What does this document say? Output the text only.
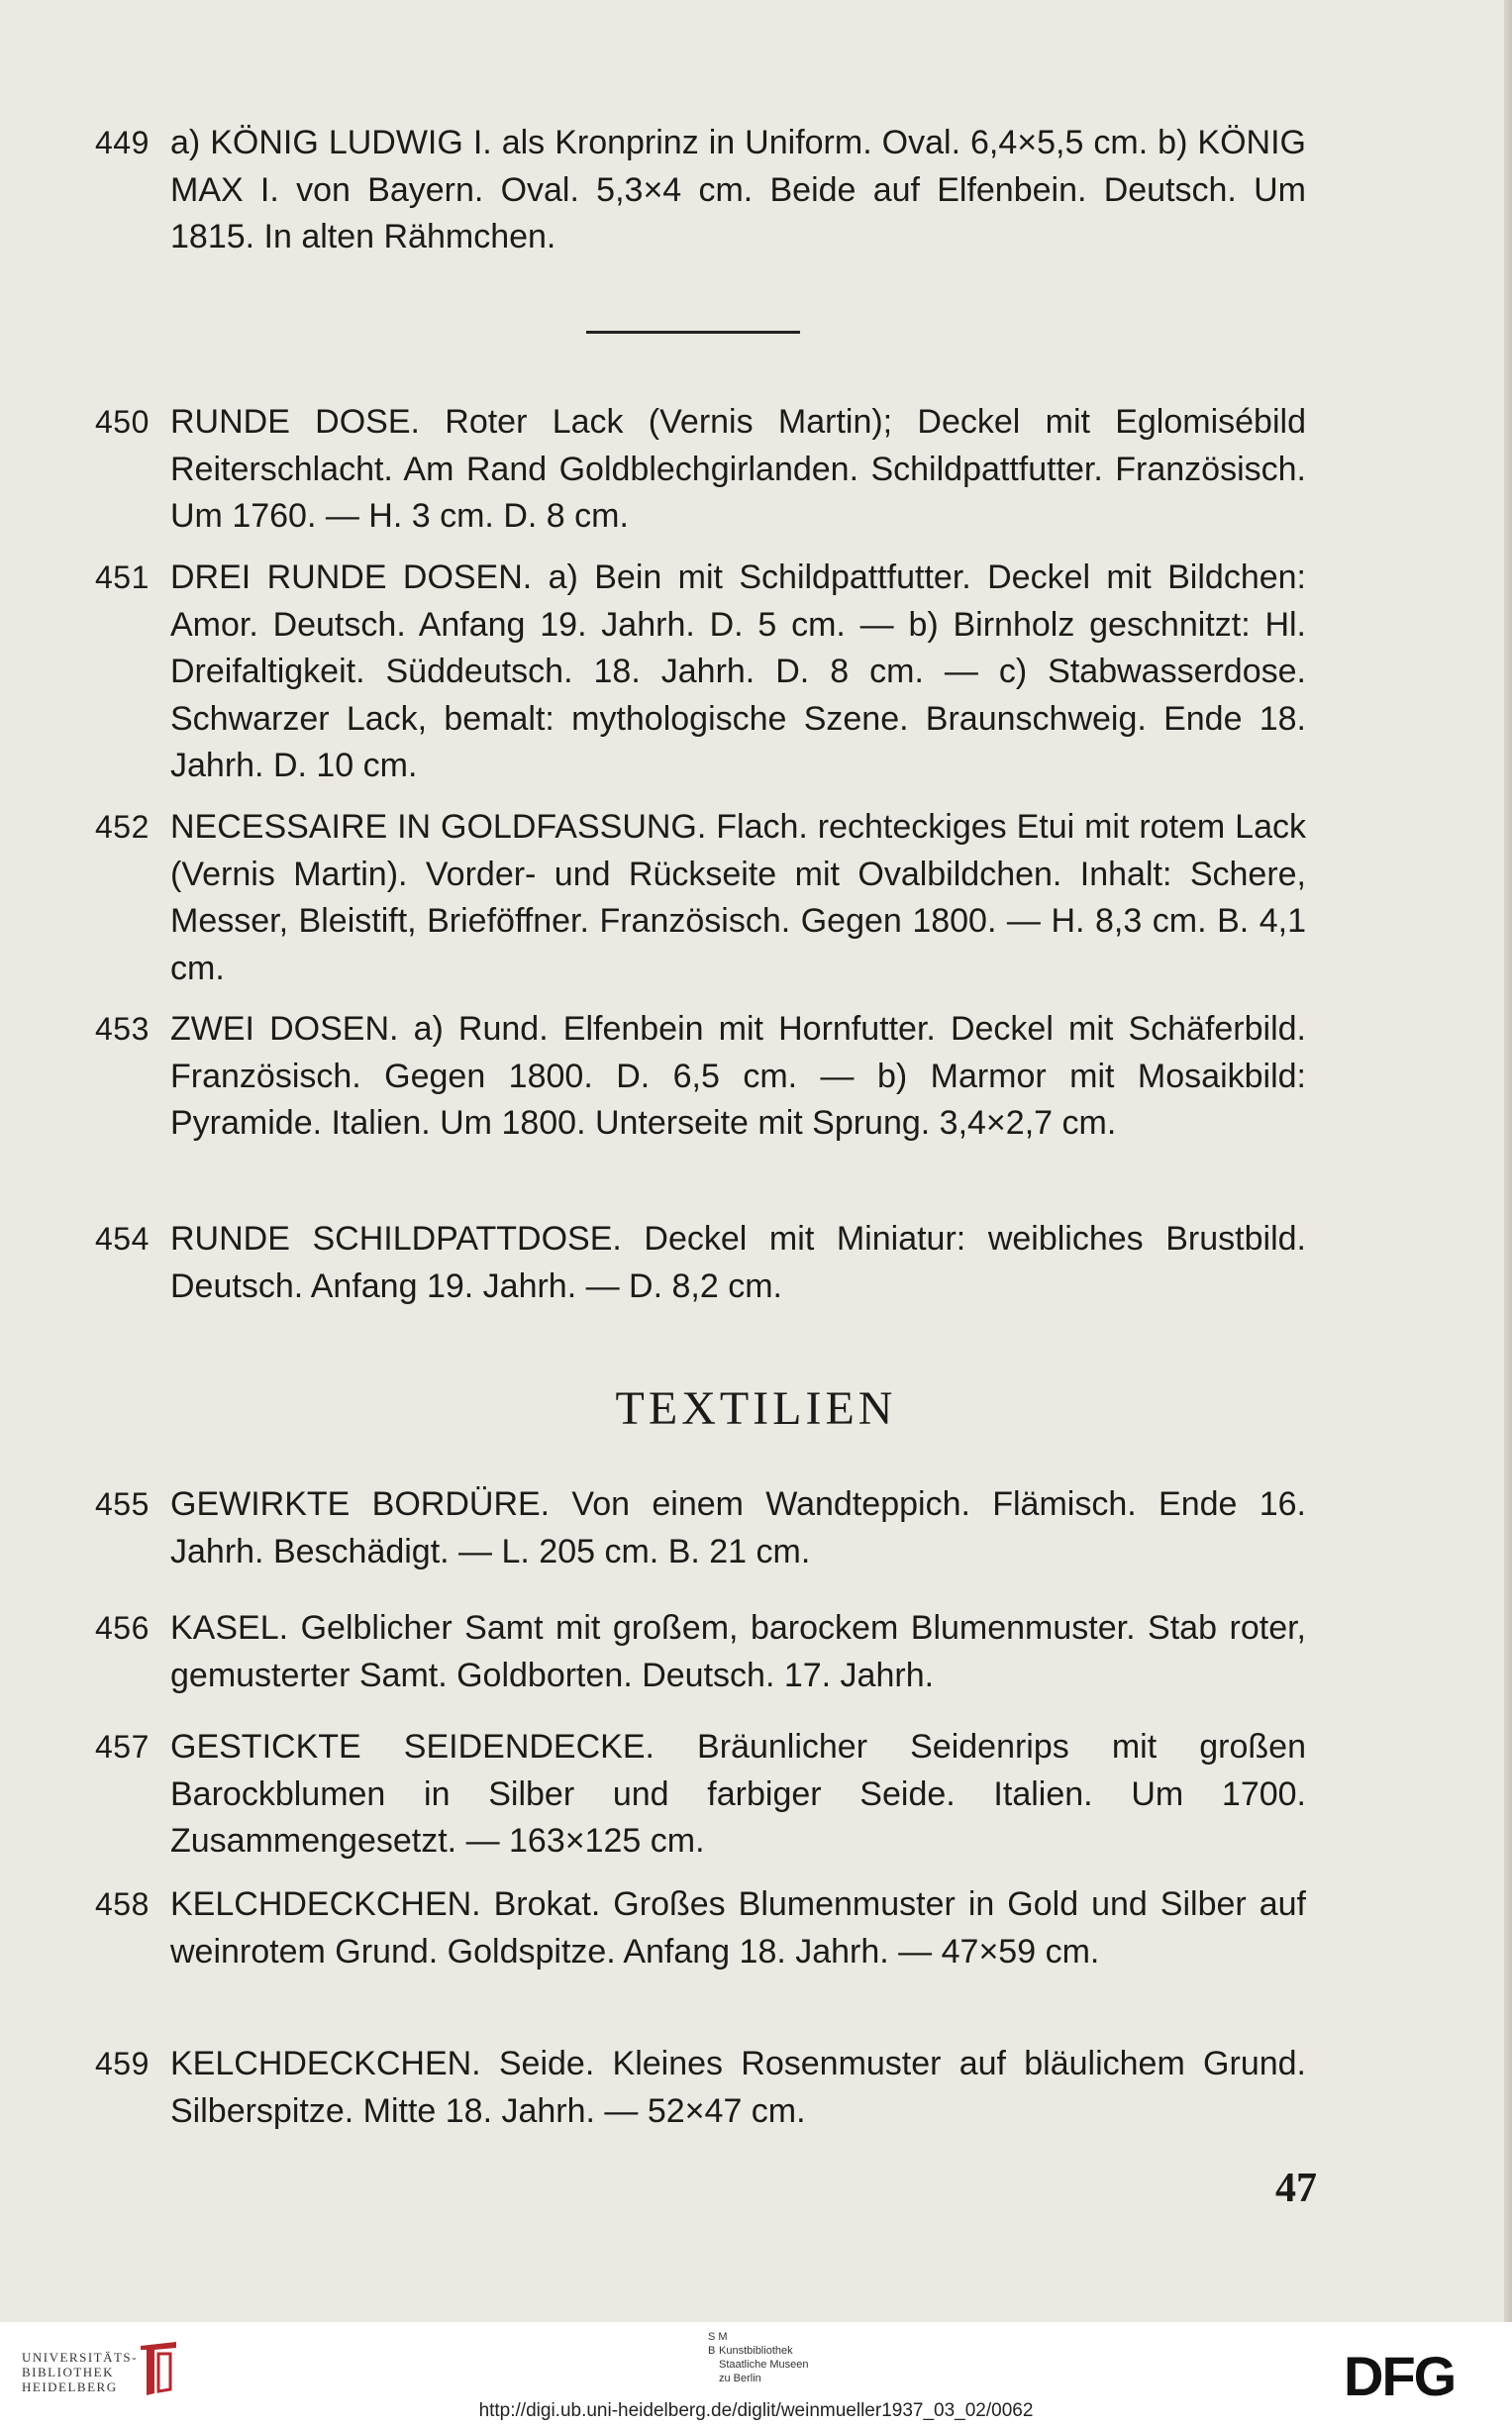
449 a) KÖNIG LUDWIG I. als Kronprinz in Uniform. Oval. 6,4×5,5 cm. b) KÖNIG MAX I. von Bayern. Oval. 5,3×4 cm. Beide auf Elfenbein. Deutsch. Um 1815. In alten Rähmchen.
450 RUNDE DOSE. Roter Lack (Vernis Martin); Deckel mit Eglomisébild Reiterschlacht. Am Rand Goldblechgirlanden. Schildpattfutter. Französisch. Um 1760. — H. 3 cm. D. 8 cm.
451 DREI RUNDE DOSEN. a) Bein mit Schildpattfutter. Deckel mit Bildchen: Amor. Deutsch. Anfang 19. Jahrh. D. 5 cm. — b) Birnholz geschnitzt: Hl. Dreifaltigkeit. Süddeutsch. 18. Jahrh. D. 8 cm. — c) Stabwasserdose. Schwarzer Lack, bemalt: mythologische Szene. Braunschweig. Ende 18. Jahrh. D. 10 cm.
452 NECESSAIRE IN GOLDFASSUNG. Flach. rechteckiges Etui mit rotem Lack (Vernis Martin). Vorder- und Rückseite mit Ovalbildchen. Inhalt: Schere, Messer, Bleistift, Brieföffner. Französisch. Gegen 1800. — H. 8,3 cm. B. 4,1 cm.
453 ZWEI DOSEN. a) Rund. Elfenbein mit Hornfutter. Deckel mit Schäferbild. Französisch. Gegen 1800. D. 6,5 cm. — b) Marmor mit Mosaikbild: Pyramide. Italien. Um 1800. Unterseite mit Sprung. 3,4×2,7 cm.
454 RUNDE SCHILDPATTDOSE. Deckel mit Miniatur: weibliches Brustbild. Deutsch. Anfang 19. Jahrh. — D. 8,2 cm.
TEXTILIEN
455 GEWIRKTE BORDÜRE. Von einem Wandteppich. Flämisch. Ende 16. Jahrh. Beschädigt. — L. 205 cm. B. 21 cm.
456 KASEL. Gelblicher Samt mit großem, barockem Blumenmuster. Stab roter, gemusterter Samt. Goldborten. Deutsch. 17. Jahrh.
457 GESTICKTE SEIDENDECKE. Bräunlicher Seidenrips mit großen Barockblumen in Silber und farbiger Seide. Italien. Um 1700. Zusammengesetzt. — 163×125 cm.
458 KELCHDECKCHEN. Brokat. Großes Blumenmuster in Gold und Silber auf weinrotem Grund. Goldspitze. Anfang 18. Jahrh. — 47×59 cm.
459 KELCHDECKCHEN. Seide. Kleines Rosenmuster auf bläulichem Grund. Silberspitze. Mitte 18. Jahrh. — 52×47 cm.
47
UNIVERSITÄTS-
BIBLIOTHEK
HEIDELBERG
S M
B Kunstbibliothek
Staatliche Museen
zu Berlin	DFG
http://digi.ub.uni-heidelberg.de/diglit/weinmueller1937_03_02/0062
